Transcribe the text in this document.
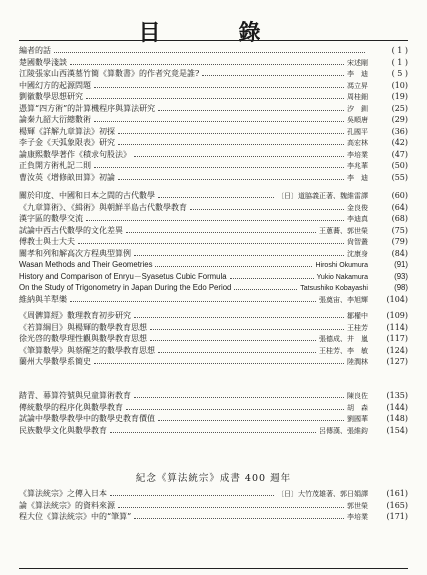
目　錄
編者的話	( 1 )
楚國數學淺談	宋述剛	( 1 )
江陵張家山西漢墓竹簡《算數書》的作者究竟是誰?	李　迪	( 5 )
中國幻方的起源問題	馮立昇	(10)
劉徽數學思想研究	周桂鈿	(19)
憑算“四方術”的計算機程序與算法研究	汐　釧	(25)
論秦九韶大衍總數術	吳順唐	(29)
楊輝《詳解九章算法》初探	孔國平	(36)
李子金《天弧象限表》研究	高宏林	(42)
論康熙數學著作《積求句股法》	李培業	(47)
正負開方術札記二則	李兆華	(50)
曹汝英《增修畝田算》初論	李　迪	(55)
關於印度、中國和日本之間的古代數學	〔日〕道脇義正著、魏維雷譯	(60)
《九章算術》、《緝術》與朝鮮半島古代數學教育	金良俊	(64)
漢字區的數學交流	李迪真	(68)
試論中西古代數學的文化差異	王蔥蕎、郭世榮	(75)
傅教士與士大夫	尙智叢	(79)
關孝和列和解高次方程典型算例	沈康身	(84)
Wasan Methods and Their Geometries	Hiroshi Okumura	(91)
History and Comparison of Enryu－Syasetus Cubic Formula	Yukio Nakamura	(93)
On the Study of Trigonometry in Japan During the Edo Period	Tatsushiko Kobayashi	(98)
維納與羊犁樂	張奠宙、李旭輝	(104)
《周髀算經》數理教育初步研究	鄒權中	(109)
《若算綱目》與楊輝的數學教育思想	王桂芳	(114)
徐光啓的數學理性觀與數學教育思想	張德成、井　嵐	(117)
《筆算數學》與蔡醒芝的數學教育思想	王桂芳、李　敏	(124)
蘭州大學數學系簡史	陸潤林	(127)
踏青、幕算符號與兒童算術教育	陳良佐	(135)
傳統數學的程序化與數學教育	胡　森	(144)
試論中學數學教學中的數學史教育價值	劉國華	(148)
民族數學文化與數學教育	呂傳漢、張維鈞	(154)
紀念《算法統宗》成書 400 週年
《算法統宗》之傳入日本	〔日〕大竹茂雄著、郭日娟譯	(161)
論《算法統宗》的資料來源	郭世榮	(165)
程大位《算法統宗》中的“筆算”	李培業	(171)
